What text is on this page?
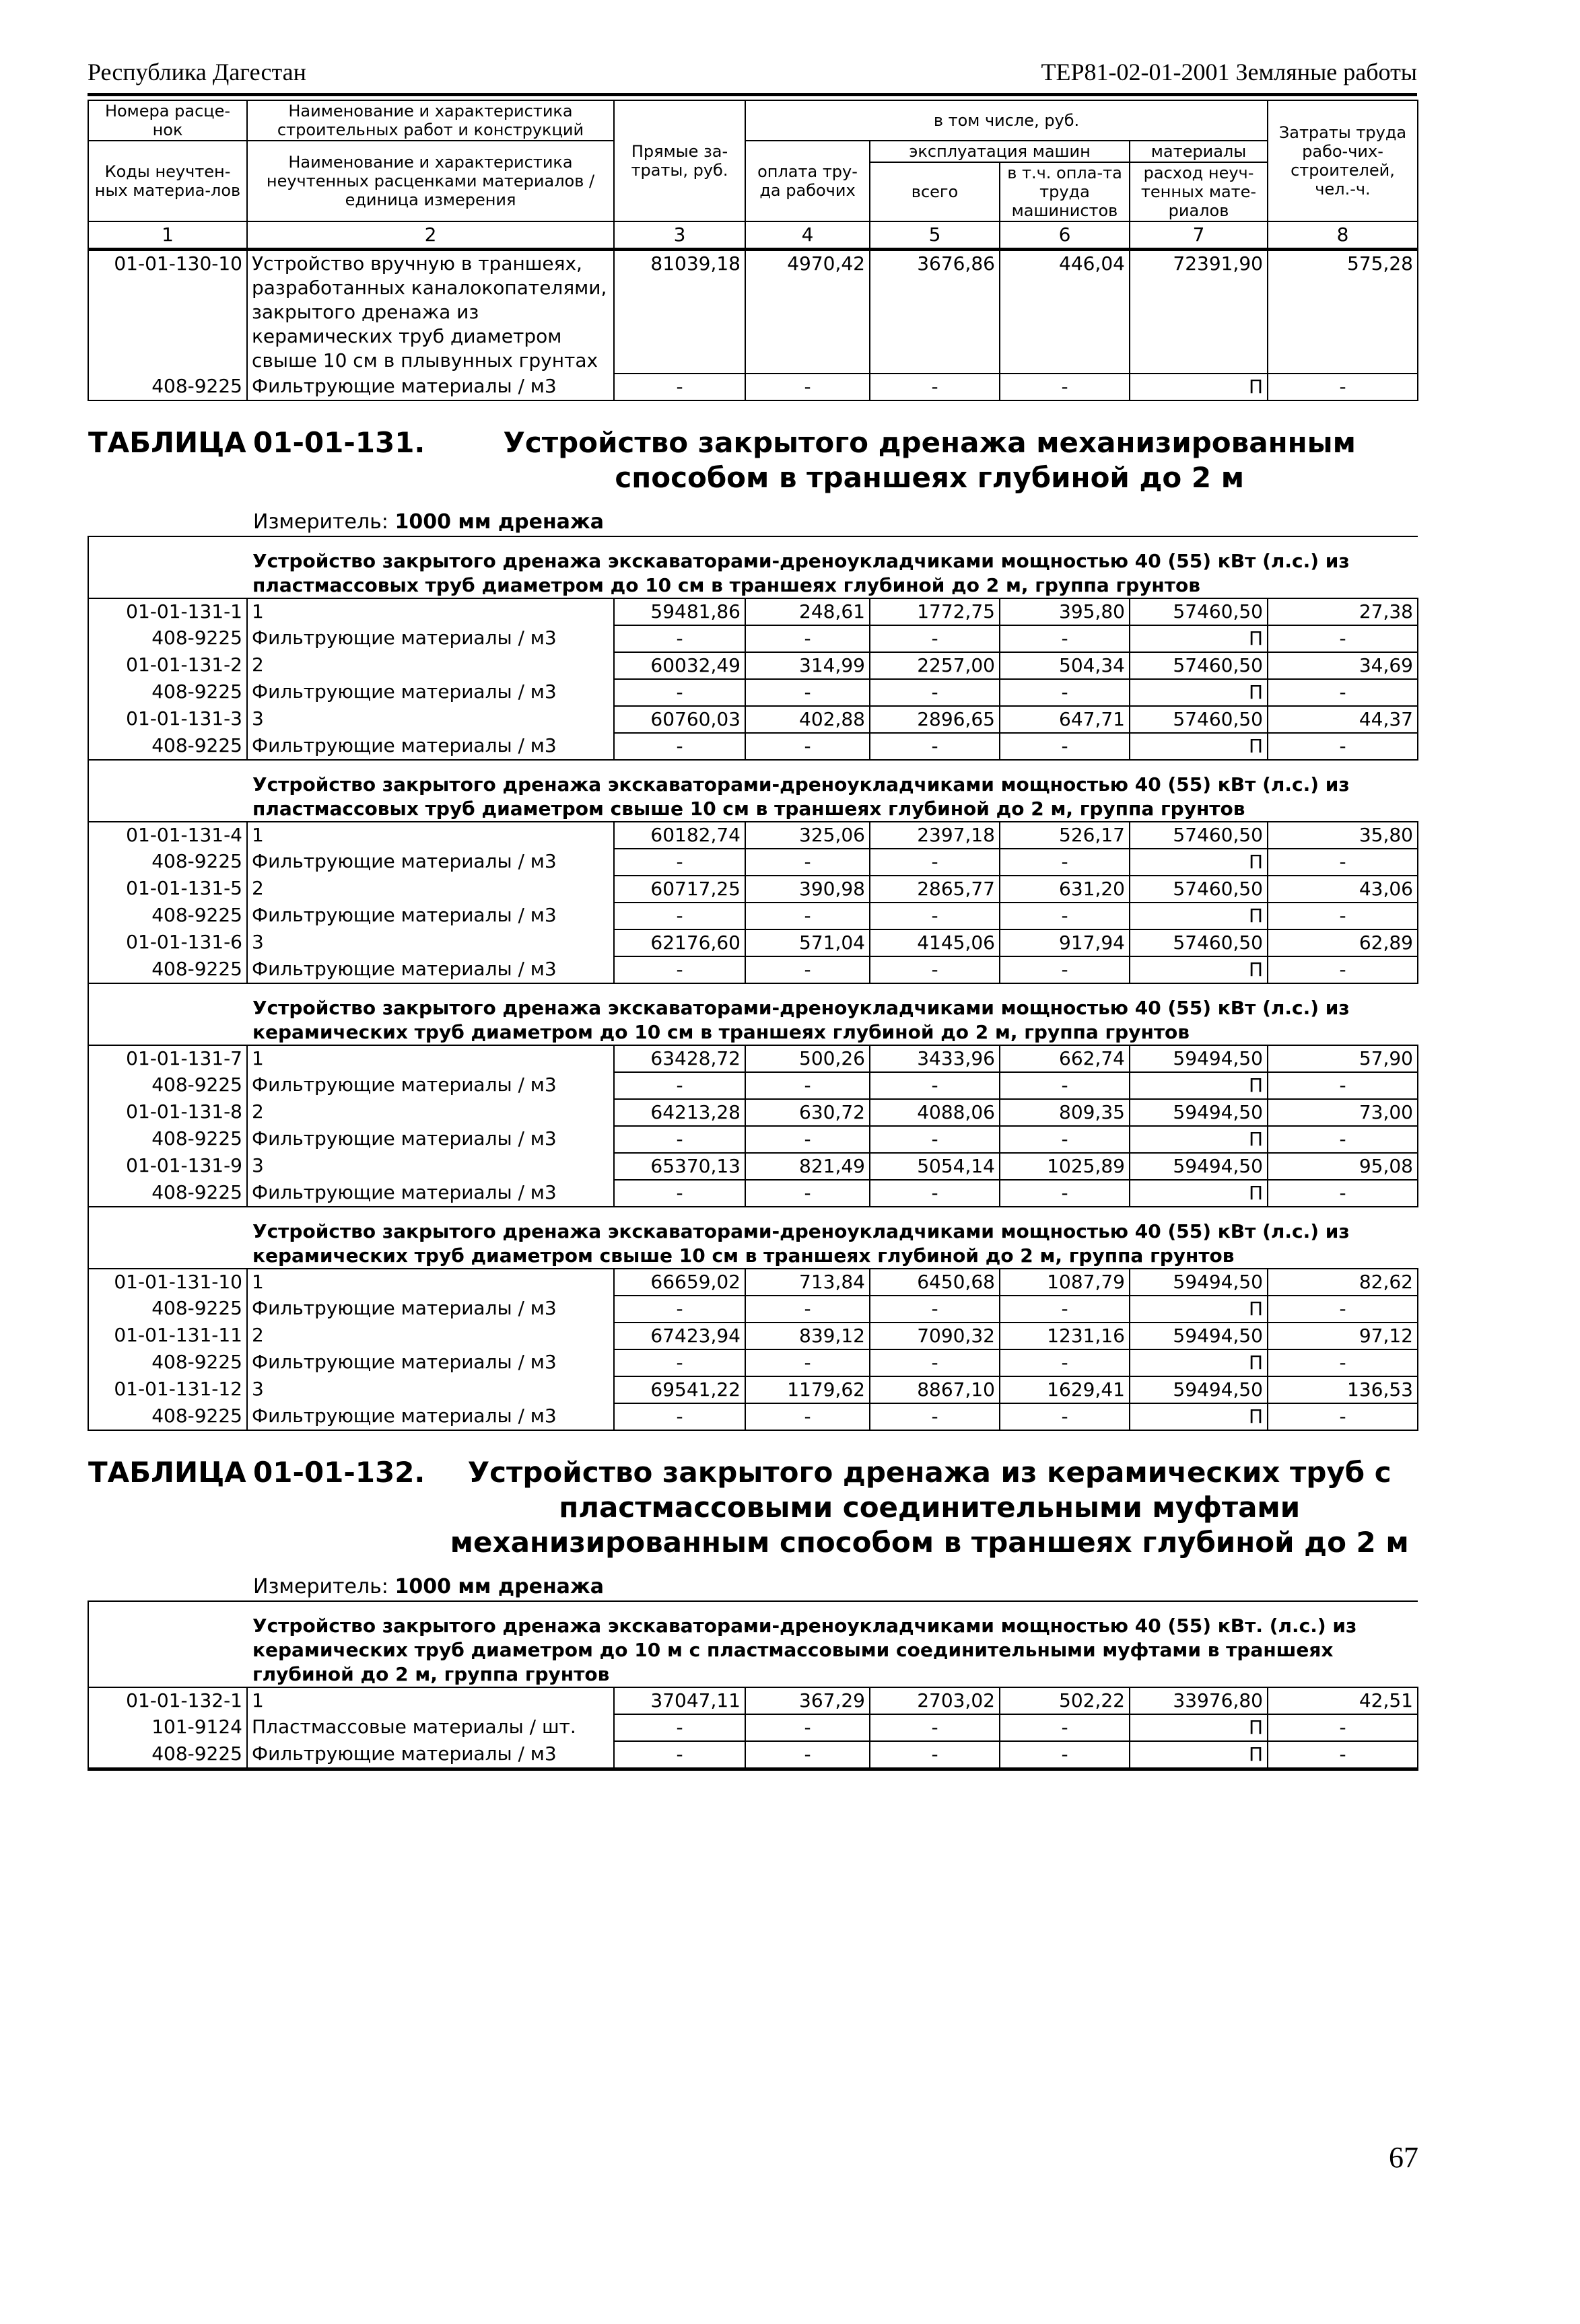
Республика Дагестан	ТЕР81-02-01-2001 Земляные работы
Номера расце-нок	Наименование и характеристика строительных работ и конструкций	Прямые за-траты, руб.	в том числе, руб.				Затраты труда рабо-чих-строителей, чел.-ч.
Коды неучтен-ных материа-лов	Наименование и характеристика неучтенных расценками материалов / единица измерения		оплата тру-да рабочих	эксплуатация машин		материалы	
				всего	в т.ч. опла-та труда машинистов	расход неуч-тенных мате-риалов	
1	2	3	4	5	6	7	8
01-01-130-10	Устройство вручную в траншеях, разработанных каналокопателями, закрытого дренажа из керамических труб диаметром свыше 10 см в плывунных грунтах	81039,18	4970,42	3676,86	446,04	72391,90	575,28
408-9225	Фильтрующие материалы / м3	-	-	-	-	П	-

ТАБЛИЦА 01-01-131. Устройство закрытого дренажа механизированным способом в траншеях глубиной до 2 м
Измеритель: 1000 мм дренажа							

	Устройство закрытого дренажа экскаваторами-дреноукладчиками мощностью 40 (55) кВт (л.с.) из пластмассовых труб диаметром до 10 см в траншеях глубиной до 2 м, группа грунтов						
01-01-131-1	1	59481,86	248,61	1772,75	395,80	57460,50	27,38
408-9225	Фильтрующие материалы / м3	-	-	-	-	П	-
01-01-131-2	2	60032,49	314,99	2257,00	504,34	57460,50	34,69
408-9225	Фильтрующие материалы / м3	-	-	-	-	П	-
01-01-131-3	3	60760,03	402,88	2896,65	647,71	57460,50	44,37
408-9225	Фильтрующие материалы / м3	-	-	-	-	П	-
	Устройство закрытого дренажа экскаваторами-дреноукладчиками мощностью 40 (55) кВт (л.с.) из пластмассовых труб диаметром свыше 10 см в траншеях глубиной до 2 м, группа грунтов						
01-01-131-4	1	60182,74	325,06	2397,18	526,17	57460,50	35,80
408-9225	Фильтрующие материалы / м3	-	-	-	-	П	-
01-01-131-5	2	60717,25	390,98	2865,77	631,20	57460,50	43,06
408-9225	Фильтрующие материалы / м3	-	-	-	-	П	-
01-01-131-6	3	62176,60	571,04	4145,06	917,94	57460,50	62,89
408-9225	Фильтрующие материалы / м3	-	-	-	-	П	-
	Устройство закрытого дренажа экскаваторами-дреноукладчиками мощностью 40 (55) кВт (л.с.) из керамических труб диаметром до 10 см в траншеях глубиной до 2 м, группа грунтов						
01-01-131-7	1	63428,72	500,26	3433,96	662,74	59494,50	57,90
408-9225	Фильтрующие материалы / м3	-	-	-	-	П	-
01-01-131-8	2	64213,28	630,72	4088,06	809,35	59494,50	73,00
408-9225	Фильтрующие материалы / м3	-	-	-	-	П	-
01-01-131-9	3	65370,13	821,49	5054,14	1025,89	59494,50	95,08
408-9225	Фильтрующие материалы / м3	-	-	-	-	П	-
	Устройство закрытого дренажа экскаваторами-дреноукладчиками мощностью 40 (55) кВт (л.с.) из керамических труб диаметром свыше 10 см в траншеях глубиной до 2 м, группа грунтов						
01-01-131-10	1	66659,02	713,84	6450,68	1087,79	59494,50	82,62
408-9225	Фильтрующие материалы / м3	-	-	-	-	П	-
01-01-131-11	2	67423,94	839,12	7090,32	1231,16	59494,50	97,12
408-9225	Фильтрующие материалы / м3	-	-	-	-	П	-
01-01-131-12	3	69541,22	1179,62	8867,10	1629,41	59494,50	136,53
408-9225	Фильтрующие материалы / м3	-	-	-	-	П	-

ТАБЛИЦА 01-01-132. Устройство закрытого дренажа из керамических труб с пластмассовыми соединительными муфтами механизированным способом в траншеях глубиной до 2 м
Измеритель: 1000 мм дренажа							

	Устройство закрытого дренажа экскаваторами-дреноукладчиками мощностью 40 (55) кВт. (л.с.) из керамических труб диаметром до 10 м с пластмассовыми соединительными муфтами в траншеях глубиной до 2 м, группа грунтов						
01-01-132-1	1	37047,11	367,29	2703,02	502,22	33976,80	42,51
101-9124	Пластмассовые материалы / шт.	-	-	-	-	П	-
408-9225	Фильтрующие материалы / м3	-	-	-	-	П	-
67
